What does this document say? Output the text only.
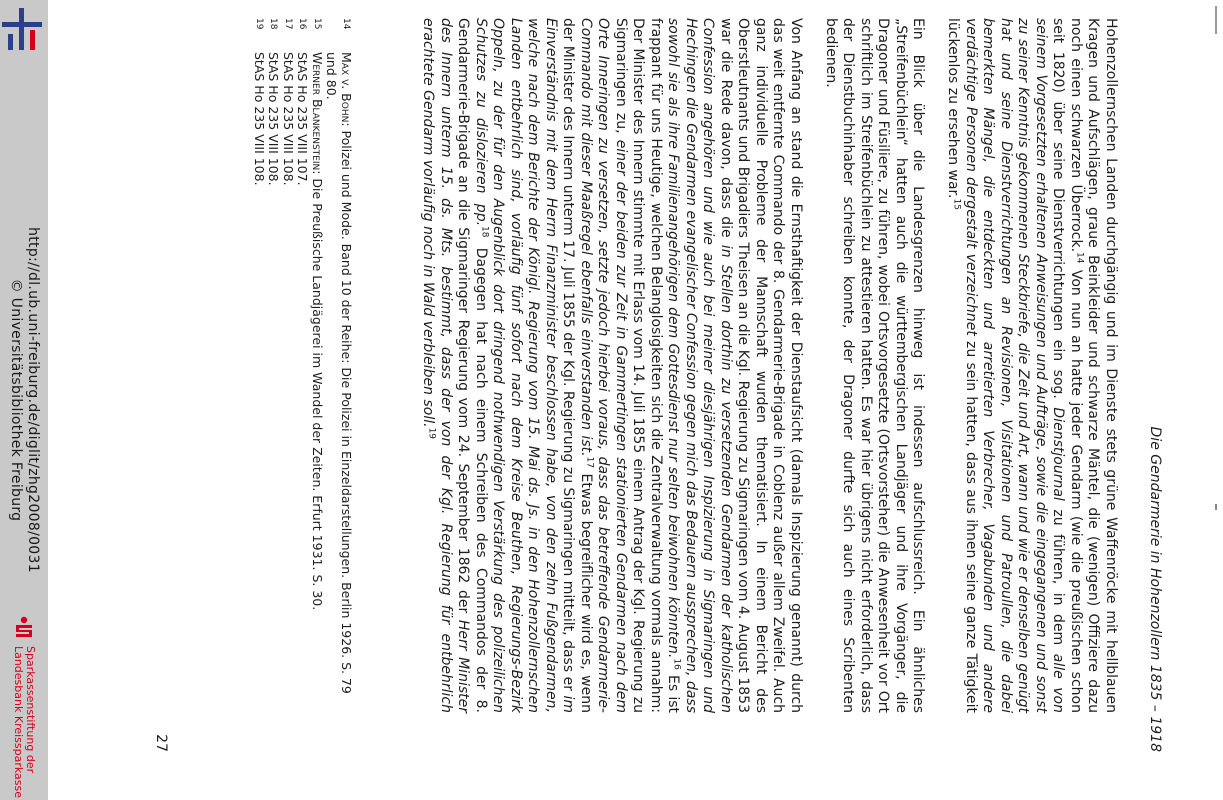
http://dl.ub.uni-freiburg.de/diglit/zhg2008/0031
© Universitätsbibliothek Freiburg
Sparkassenstiftung der
Landesbank Kreissparkasse	Die Gendarmerie in Hohenzollern 1835 – 1918

Hohenzollernschen Landen durchgängig und im Dienste stets grüne Waffenröcke mit hellblauen Kragen und Aufschlägen, graue Beinkleider und schwarze Mäntel, die (wenigen) Offiziere dazu noch einen schwarzen Überrock.$^{14}$ Von nun an hatte jeder Gendarm (wie die preußischen schon seit 1820) über seine Dienstverrichtungen ein sog. Dienstjournal zu führen, in dem alle von seinem Vorgesetzten erhaltenen Anweisungen und Aufträge, sowie die eingegangenen und sonst zu seiner Kenntnis gekommenen Steckbriefe, die Zeit und Art, wann und wie er denselben genügt hat und seine Dienstverrichtungen an Revisionen, Visitationen und Patroullen, die dabei bemerkten Mängel, die entdeckten und arretierten Verbrecher, Vagabunden und andere verdächtige Personen dergestalt verzeichnet zu sein hatten, dass aus ihnen seine ganze Tätigkeit lückenlos zu ersehen war.$^{15}$

Ein Blick über die Landesgrenzen hinweg ist indessen aufschlussreich. Ein ähnliches „Streifenbüchlein“ hatten auch die württembergischen Landjäger und ihre Vorgänger, die Dragoner und Füsiliere, zu führen, wobei Ortsvorgesetzte (Ortsvorsteher) die Anwesenheit vor Ort schriftlich im Streifenbüchlein zu attestieren hatten. Es war hier übrigens nicht erforderlich, dass der Dienstbuchinhaber schreiben konnte, der Dragoner durfte sich auch eines Scribenten bedienen.

Von Anfang an stand die Ernsthaftigkeit der Dienstaufsicht (damals Inspizierung genannt) durch das weit entfernte Commando der 8. Gendarmerie-Brigade in Coblenz außer allem Zweifel. Auch ganz individuelle Probleme der Mannschaft wurden thematisiert. In einem Bericht des Oberstleutnants und Brigadiers Theisen an die Kgl. Regierung zu Sigmaringen vom 4. August 1853 war die Rede davon, dass die in Stellen dorthin zu versetzenden Gendarmen der katholischen Confession angehören und wie auch bei meiner diesjährigen Inspizierung in Sigmaringen und Hechingen die Gendarmen evangelischer Confession gegen mich das Bedauern aussprechen, dass sowohl sie als ihre Familienangehörigen dem Gottesdienst nur selten beiwohnen könnten.$^{16}$ Es ist frappant für uns Heutige, welchen Belanglosigkeiten sich die Zentralverwaltung vormals annahm: Der Minister des Innern stimmte mit Erlass vom 14. Juli 1855 einem Antrag der Kgl. Regierung zu Sigmaringen zu, einer der beiden zur Zeit in Gammertingen stationierten Gendarmen nach dem Orte Inneringen zu versetzen, setzte jedoch hierbei voraus, dass das betreffende Gendarmerie-Commando mit dieser Maaßregel ebenfalls einverstanden ist.$^{17}$ Etwas begreiflicher wird es, wenn der Minister des Innern unterm 17. Juli 1855 der Kgl. Regierung zu Sigmaringen mitteilt, dass er im Einverständnis mit dem Herrn Finanzminister beschlossen habe, von den zehn Fußgendarmen, welche nach dem Berichte der Königl. Regierung vom 15. Mai ds. Js. in den Hohenzollernschen Landen entbehrlich sind, vorläufig fünf sofort nach dem Kreise Beuthen, Regierungs-Bezirk Oppeln, zu der für den Augenblick dort dringend nothwendigen Verstärkung des polizeilichen Schutzes zu dislozieren pp.$^{18}$ Dagegen hat nach einem Schreiben des Commandos der 8. Gendarmerie-Brigade an die Sigmaringer Regierung vom 24. September 1862 der Herr Minister des Innern unterm 15. ds. Mts. bestimmt, dass der von der Kgl. Regierung für entbehrlich erachtete Gendarm vorläufig noch in Wald verbleiben soll.$^{19}$

14
Max v. Bohn: Polizei und Mode. Band 10 der Reihe: Die Polizei in Einzeldarstellungen. Berlin 1926. S. 79 und 80.
15
Werner Blankenstein: Die Preußische Landjägerei im Wandel der Zeiten. Erfurt 1931. S. 30.
16
StAS Ho 235 VIII 107.
17
StAS Ho 235 VIII 108.
18
StAS Ho 235 VIII 108.
19
StAS Ho 235 VIII 108.
27
